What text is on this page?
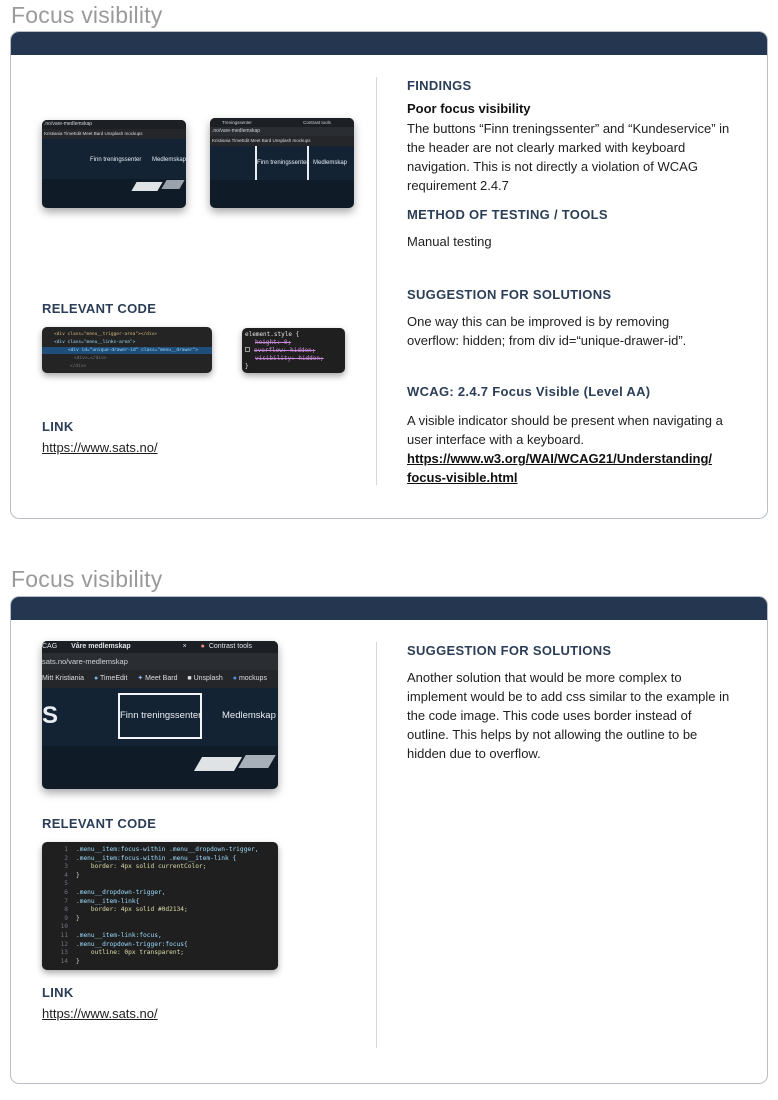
Focus visibility
.no/vare-medlemskap
Kristiania TimeEdit Meet Bard Unsplash mockups
Finn treningssenter Medlemskap
Treningssenter	Contrast tools
.no/vare-medlemskap
Kristiania TimeEdit Meet Bard Unsplash mockups
Finn treningssenter Medlemskap
RELEVANT CODE
<div class="menu__trigger-area"></div>
<div class="menu__links-area">
<div id="unique-drawer-id" class="menu__drawer">
<div>…</div>
</div>
element.style {
height: 0;
overflow: hidden;
visibility: hidden;
}
LINK
https://www.sats.no/
FINDINGS
Poor focus visibility
The buttons “Finn treningssenter” and “Kundeservice” in the header are not clearly marked with keyboard navigation. This is not directly a violation of WCAG requirement 2.4.7
METHOD OF TESTING / TOOLS
Manual testing
SUGGESTION FOR SOLUTIONS
One way this can be improved is by removing overflow: hidden; from div id=“unique-drawer-id”.
WCAG: 2.4.7 Focus Visible (Level AA)
A visible indicator should be present when navigating a user interface with a keyboard.
https://www.w3.org/WAI/WCAG21/Understanding/
focus-visible.html
Focus visibility
CAG Våre medlemskap	× ● Contrast tools
sats.no/vare-medlemskap
Mitt Kristiania ● TimeEdit ✦ Meet Bard ■ Unsplash ● mockups
S	Finn treningssenter Medlemskap
RELEVANT CODE
1 .menu__item:focus-within .menu__dropdown-trigger,
2 .menu__item:focus-within .menu__item-link {
3    border: 4px solid currentColor;
4 }
5
6 .menu__dropdown-trigger,
7 .menu__item-link{
8    border: 4px solid #0d2134;
9 }
10
11 .menu__item-link:focus,
12 .menu__dropdown-trigger:focus{
13    outline: 0px transparent;
14 }
LINK
https://www.sats.no/
SUGGESTION FOR SOLUTIONS
Another solution that would be more complex to implement would be to add css similar to the example in the code image. This code uses border instead of outline. This helps by not allowing the outline to be hidden due to overflow.
